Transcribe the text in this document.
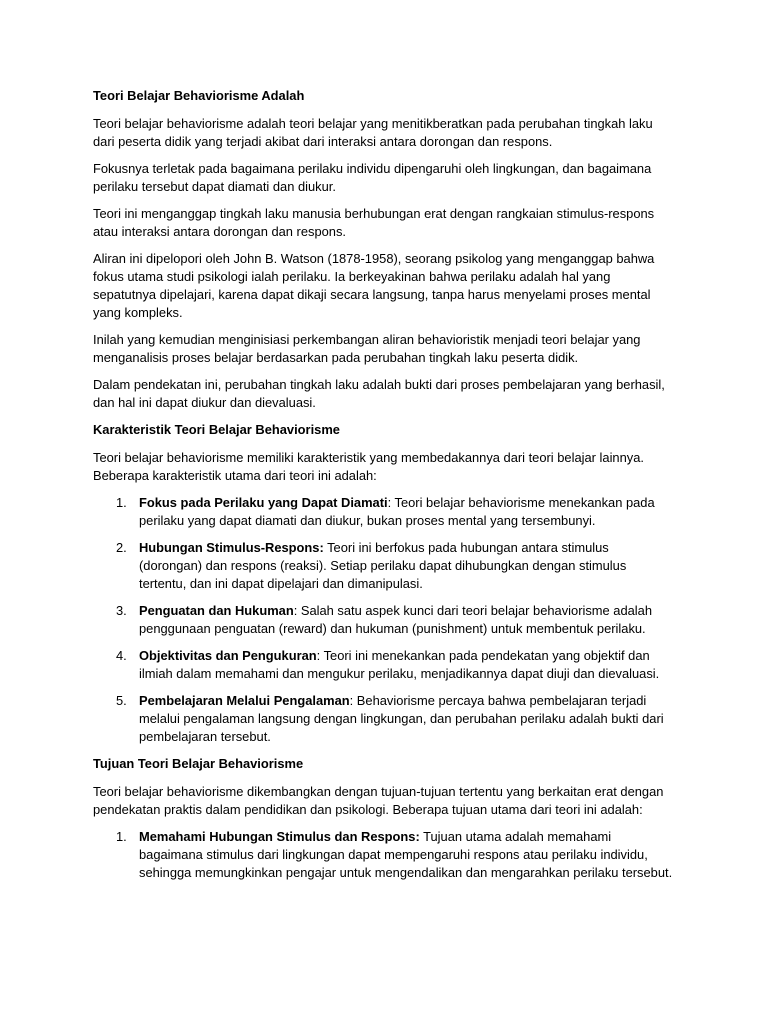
Teori Belajar Behaviorisme Adalah

Teori belajar behaviorisme adalah teori belajar yang menitikberatkan pada perubahan tingkah laku dari peserta didik yang terjadi akibat dari interaksi antara dorongan dan respons.

Fokusnya terletak pada bagaimana perilaku individu dipengaruhi oleh lingkungan, dan bagaimana perilaku tersebut dapat diamati dan diukur.

Teori ini menganggap tingkah laku manusia berhubungan erat dengan rangkaian stimulus-respons atau interaksi antara dorongan dan respons.

Aliran ini dipelopori oleh John B. Watson (1878-1958), seorang psikolog yang menganggap bahwa fokus utama studi psikologi ialah perilaku. Ia berkeyakinan bahwa perilaku adalah hal yang sepatutnya dipelajari, karena dapat dikaji secara langsung, tanpa harus menyelami proses mental yang kompleks.

Inilah yang kemudian menginisiasi perkembangan aliran behavioristik menjadi teori belajar yang menganalisis proses belajar berdasarkan pada perubahan tingkah laku peserta didik.

Dalam pendekatan ini, perubahan tingkah laku adalah bukti dari proses pembelajaran yang berhasil, dan hal ini dapat diukur dan dievaluasi.

Karakteristik Teori Belajar Behaviorisme

Teori belajar behaviorisme memiliki karakteristik yang membedakannya dari teori belajar lainnya. Beberapa karakteristik utama dari teori ini adalah:

1. Fokus pada Perilaku yang Dapat Diamati: Teori belajar behaviorisme menekankan pada perilaku yang dapat diamati dan diukur, bukan proses mental yang tersembunyi.
2. Hubungan Stimulus-Respons: Teori ini berfokus pada hubungan antara stimulus (dorongan) dan respons (reaksi). Setiap perilaku dapat dihubungkan dengan stimulus tertentu, dan ini dapat dipelajari dan dimanipulasi.
3. Penguatan dan Hukuman: Salah satu aspek kunci dari teori belajar behaviorisme adalah penggunaan penguatan (reward) dan hukuman (punishment) untuk membentuk perilaku.
4. Objektivitas dan Pengukuran: Teori ini menekankan pada pendekatan yang objektif dan ilmiah dalam memahami dan mengukur perilaku, menjadikannya dapat diuji dan dievaluasi.
5. Pembelajaran Melalui Pengalaman: Behaviorisme percaya bahwa pembelajaran terjadi melalui pengalaman langsung dengan lingkungan, dan perubahan perilaku adalah bukti dari pembelajaran tersebut.

Tujuan Teori Belajar Behaviorisme

Teori belajar behaviorisme dikembangkan dengan tujuan-tujuan tertentu yang berkaitan erat dengan pendekatan praktis dalam pendidikan dan psikologi. Beberapa tujuan utama dari teori ini adalah:

1. Memahami Hubungan Stimulus dan Respons: Tujuan utama adalah memahami bagaimana stimulus dari lingkungan dapat mempengaruhi respons atau perilaku individu, sehingga memungkinkan pengajar untuk mengendalikan dan mengarahkan perilaku tersebut.
